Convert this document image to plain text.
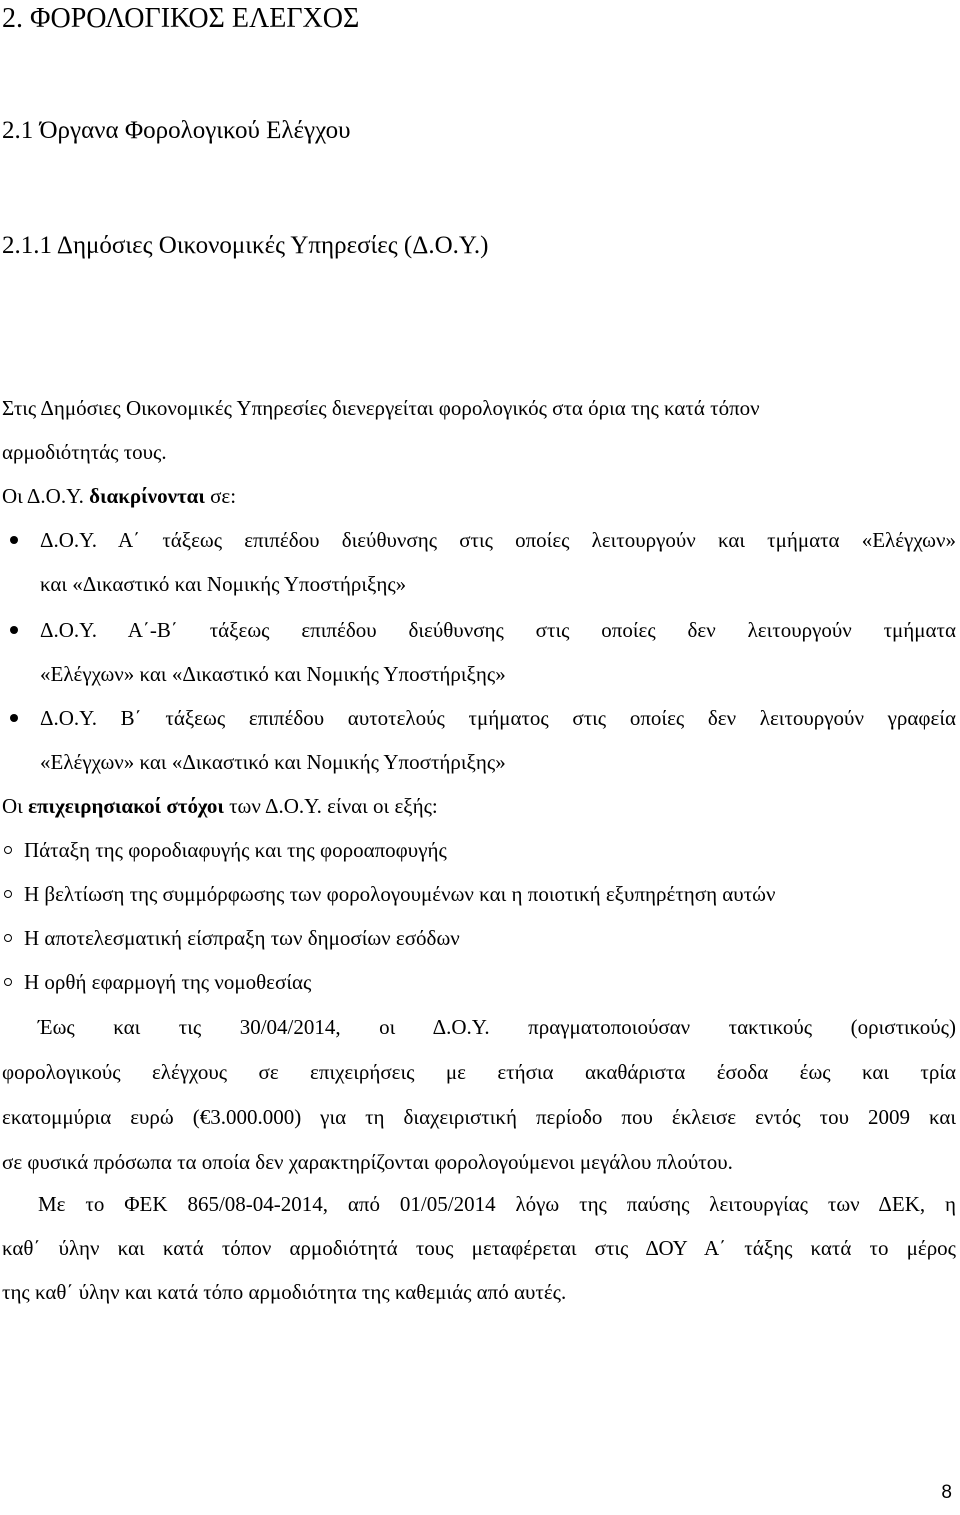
2. ΦΟΡΟΛΟΓΙΚΟΣ ΕΛΕΓΧΟΣ
2.1 Όργανα Φορολογικού Ελέγχου
2.1.1 Δημόσιες Οικονομικές Υπηρεσίες (Δ.Ο.Υ.)
Στις Δημόσιες Οικονομικές Υπηρεσίες διενεργείται φορολογικός στα όρια της κατά τόπον
αρμοδιότητάς τους.
Οι Δ.Ο.Υ. διακρίνονται σε:
Δ.Ο.Υ. Α΄ τάξεως επιπέδου διεύθυνσης στις οποίες λειτουργούν και τμήματα «Ελέγχων»
και «Δικαστικό και Νομικής Υποστήριξης»
Δ.Ο.Υ. Α΄-Β΄ τάξεως επιπέδου διεύθυνσης στις οποίες δεν λειτουργούν τμήματα
«Ελέγχων» και «Δικαστικό και Νομικής Υποστήριξης»
Δ.Ο.Υ. Β΄ τάξεως επιπέδου αυτοτελούς τμήματος στις οποίες δεν λειτουργούν γραφεία
«Ελέγχων» και «Δικαστικό και Νομικής Υποστήριξης»
Οι επιχειρησιακοί στόχοι των Δ.Ο.Υ. είναι οι εξής:
Πάταξη της φοροδιαφυγής και της φοροαποφυγής
Η βελτίωση της συμμόρφωσης των φορολογουμένων και η ποιοτική εξυπηρέτηση αυτών
Η αποτελεσματική είσπραξη των δημοσίων εσόδων
Η ορθή εφαρμογή της νομοθεσίας
Έως και τις 30/04/2014, οι Δ.Ο.Υ. πραγματοποιούσαν τακτικούς (οριστικούς)
φορολογικούς ελέγχους σε επιχειρήσεις με ετήσια ακαθάριστα έσοδα έως και τρία
εκατομμύρια ευρώ (€3.000.000) για τη διαχειριστική περίοδο που έκλεισε εντός του 2009 και
σε φυσικά πρόσωπα τα οποία δεν χαρακτηρίζονται φορολογούμενοι μεγάλου πλούτου.
Με το ΦΕΚ 865/08-04-2014, από 01/05/2014 λόγω της παύσης λειτουργίας των ΔΕΚ, η
καθ΄ ύλην και κατά τόπον αρμοδιότητά τους μεταφέρεται στις ΔΟΥ Α΄ τάξης κατά το μέρος
της καθ΄ ύλην και κατά τόπο αρμοδιότητα της καθεμιάς από αυτές.
8
